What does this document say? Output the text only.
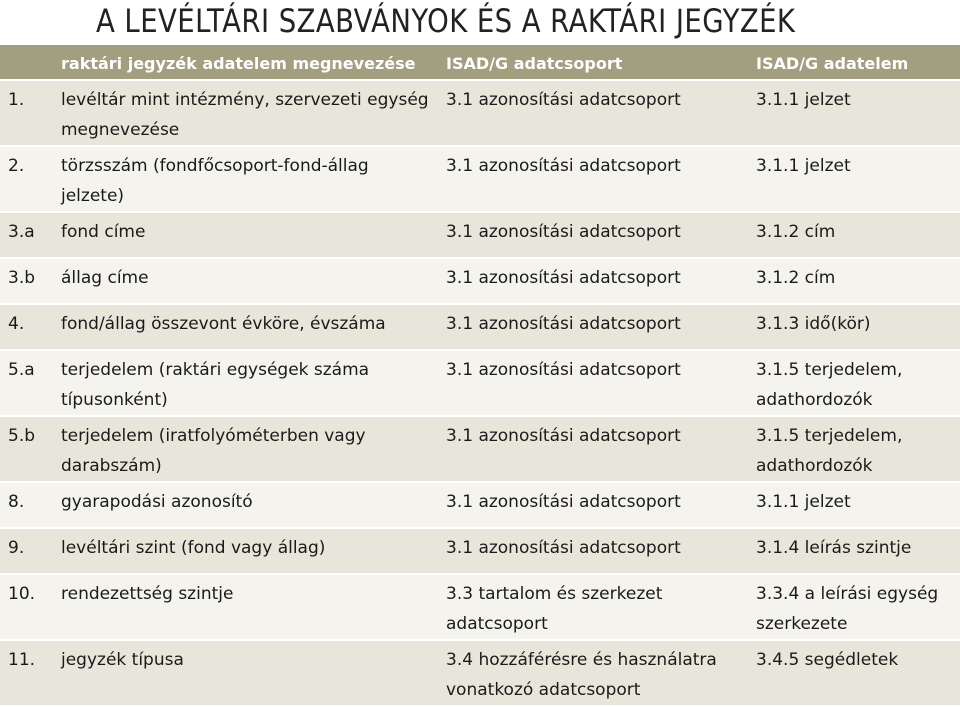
A LEVÉLTÁRI SZABVÁNYOK ÉS A RAKTÁRI JEGYZÉK
	raktári jegyzék adatelem megnevezése	ISAD/G adatcsoport	ISAD/G adatelem
1.	levéltár mint intézmény, szervezeti egység megnevezése	3.1 azonosítási adatcsoport	3.1.1 jelzet
2.	törzsszám (fondfőcsoport-fond-állag jelzete)	3.1 azonosítási adatcsoport	3.1.1 jelzet
3.a	fond címe	3.1 azonosítási adatcsoport	3.1.2 cím
3.b	állag címe	3.1 azonosítási adatcsoport	3.1.2 cím
4.	fond/állag összevont évköre, évszáma	3.1 azonosítási adatcsoport	3.1.3 idő(kör)
5.a	terjedelem (raktári egységek száma típusonként)	3.1 azonosítási adatcsoport	3.1.5 terjedelem, adathordozók
5.b	terjedelem (iratfolyóméterben vagy darabszám)	3.1 azonosítási adatcsoport	3.1.5 terjedelem, adathordozók
8.	gyarapodási azonosító	3.1 azonosítási adatcsoport	3.1.1 jelzet
9.	levéltári szint (fond vagy állag)	3.1 azonosítási adatcsoport	3.1.4 leírás szintje
10.	rendezettség szintje	3.3 tartalom és szerkezet adatcsoport	3.3.4 a leírási egység szerkezete
11.	jegyzék típusa	3.4 hozzáférésre és használatra vonatkozó adatcsoport	3.4.5 segédletek
